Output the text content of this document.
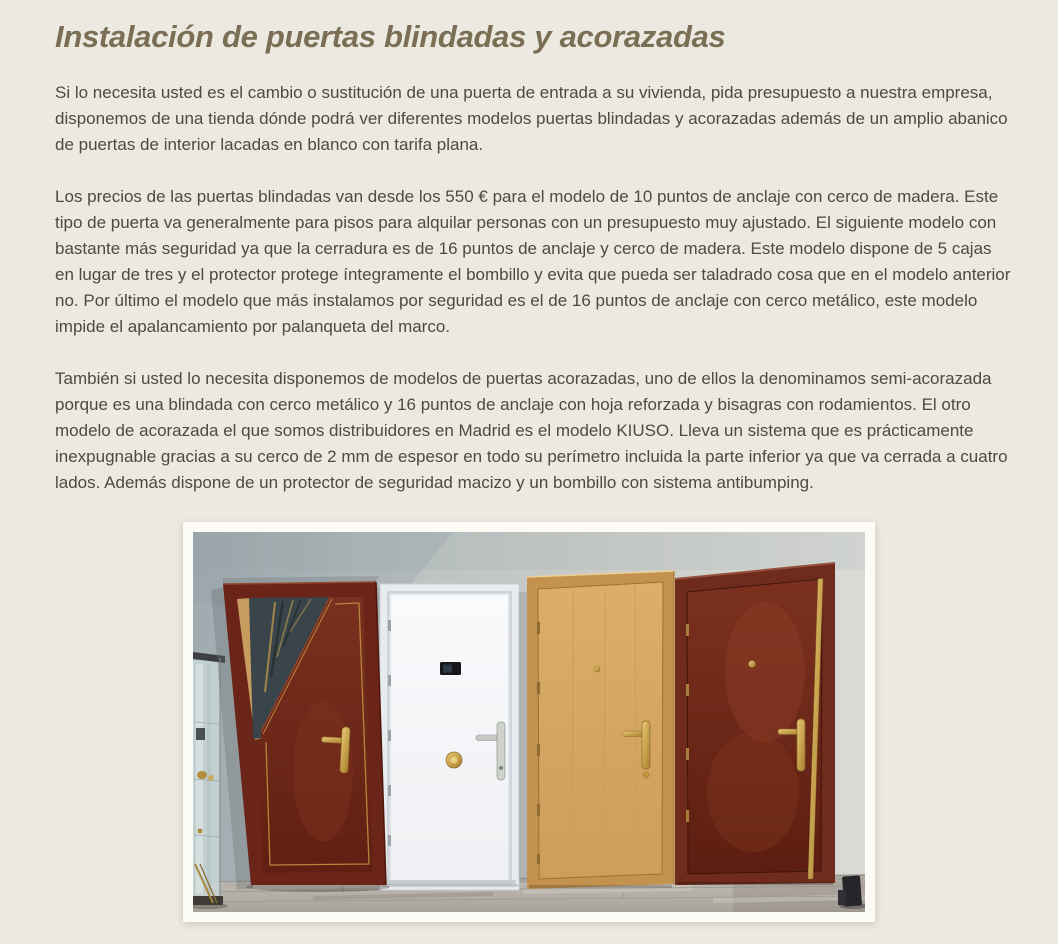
Instalación de puertas blindadas y acorazadas

Si lo necesita usted es el cambio o sustitución de una puerta de entrada a su vivienda, pida presupuesto a nuestra empresa, disponemos de una tienda dónde podrá ver diferentes modelos puertas blindadas y acorazadas además de un amplio abanico de puertas de interior lacadas en blanco con tarifa plana.

Los precios de las puertas blindadas van desde los 550 € para el modelo de 10 puntos de anclaje con cerco de madera. Este tipo de puerta va generalmente para pisos para alquilar personas con un presupuesto muy ajustado. El siguiente modelo con bastante más seguridad ya que la cerradura es de 16 puntos de anclaje y cerco de madera. Este modelo dispone de 5 cajas en lugar de tres y el protector protege íntegramente el bombillo y evita que pueda ser taladrado cosa que en el modelo anterior no. Por último el modelo que más instalamos por seguridad es el de 16 puntos de anclaje con cerco metálico, este modelo impide el apalancamiento por palanqueta del marco.

También si usted lo necesita disponemos de modelos de puertas acorazadas, uno de ellos la denominamos semi-acorazada porque es una blindada con cerco metálico y 16 puntos de anclaje con hoja reforzada y bisagras con rodamientos. El otro modelo de acorazada el que somos distribuidores en Madrid es el modelo KIUSO. Lleva un sistema que es prácticamente inexpugnable gracias a su cerco de 2 mm de espesor en todo su perímetro incluida la parte inferior ya que va cerrada a cuatro lados. Además dispone de un protector de seguridad macizo y un bombillo con sistema antibumping.
